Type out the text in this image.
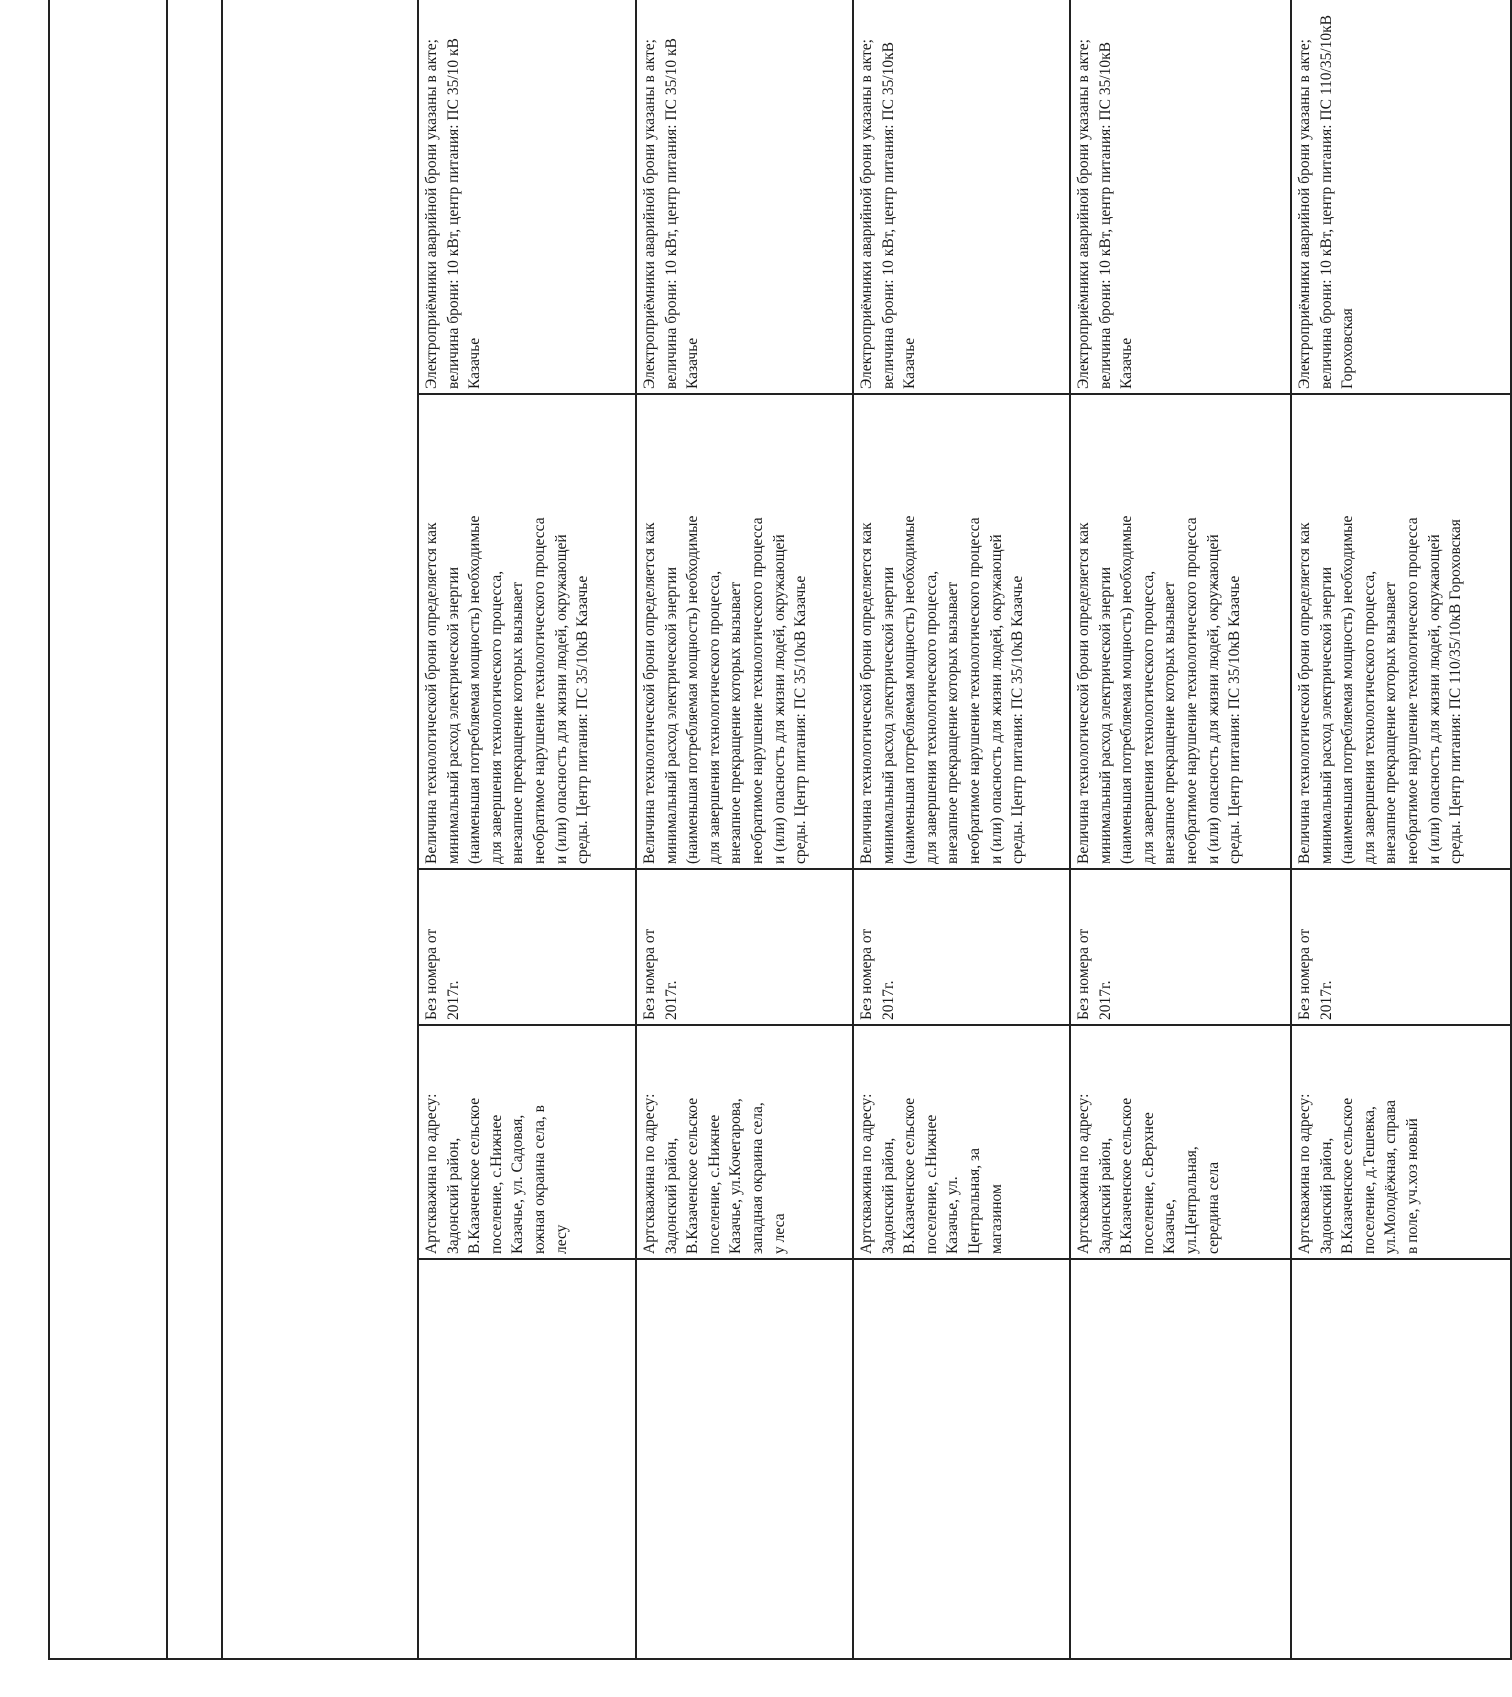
Артскважина по адресу:
Задонский район,
В.Казаченское сельское
поселение, с.Нижнее
Казачье, ул. Садовая,
южная окраина села, в
лесу
Без номера от
2017г.
Величина технологической брони определяется как
минимальный расход электрической энергии
(наименьшая потребляемая мощность) необходимые
для завершения технологического процесса,
внезапное прекращение которых вызывает
необратимое нарушение технологического процесса
и (или) опасность для жизни людей, окружающей
среды. Центр питания: ПС 35/10кВ Казачье
Электроприёмники аварийной брони указаны в акте;
величина брони: 10 кВт, центр питания: ПС 35/10 кВ
Казачье
Артскважина по адресу:
Задонский район,
В.Казаченское сельское
поселение, с.Нижнее
Казачье, ул.Кочегарова,
западная окраина села,
у леса
Без номера от
2017г.
Величина технологической брони определяется как
минимальный расход электрической энергии
(наименьшая потребляемая мощность) необходимые
для завершения технологического процесса,
внезапное прекращение которых вызывает
необратимое нарушение технологического процесса
и (или) опасность для жизни людей, окружающей
среды. Центр питания: ПС 35/10кВ Казачье
Электроприёмники аварийной брони указаны в акте;
величина брони: 10 кВт, центр питания: ПС 35/10 кВ
Казачье
Артскважина по адресу:
Задонский район,
В.Казаченское сельское
поселение, с.Нижнее
Казачье, ул.
Центральная, за
магазином
Без номера от
2017г.
Величина технологической брони определяется как
минимальный расход электрической энергии
(наименьшая потребляемая мощность) необходимые
для завершения технологического процесса,
внезапное прекращение которых вызывает
необратимое нарушение технологического процесса
и (или) опасность для жизни людей, окружающей
среды. Центр питания: ПС 35/10кВ Казачье
Электроприёмники аварийной брони указаны в акте;
величина брони: 10 кВт, центр питания: ПС 35/10кВ
Казачье
Артскважина по адресу:
Задонский район,
В.Казаченское сельское
поселение, с.Верхнее
Казачье,
ул.Центральная,
середина села
Без номера от
2017г.
Величина технологической брони определяется как
минимальный расход электрической энергии
(наименьшая потребляемая мощность) необходимые
для завершения технологического процесса,
внезапное прекращение которых вызывает
необратимое нарушение технологического процесса
и (или) опасность для жизни людей, окружающей
среды. Центр питания: ПС 35/10кВ Казачье
Электроприёмники аварийной брони указаны в акте;
величина брони: 10 кВт, центр питания: ПС 35/10кВ
Казачье
Артскважина по адресу:
Задонский район,
В.Казаченское сельское
поселение, д.Тешевка,
ул.Молодёжная, справа
в поле, уч.хоз новый
Без номера от
2017г.
Величина технологической брони определяется как
минимальный расход электрической энергии
(наименьшая потребляемая мощность) необходимые
для завершения технологического процесса,
внезапное прекращение которых вызывает
необратимое нарушение технологического процесса
и (или) опасность для жизни людей, окружающей
среды. Центр питания: ПС 110/35/10кВ Гороховская
Электроприёмники аварийной брони указаны в акте;
величина брони: 10 кВт, центр питания: ПС 110/35/10кВ
Гороховская
